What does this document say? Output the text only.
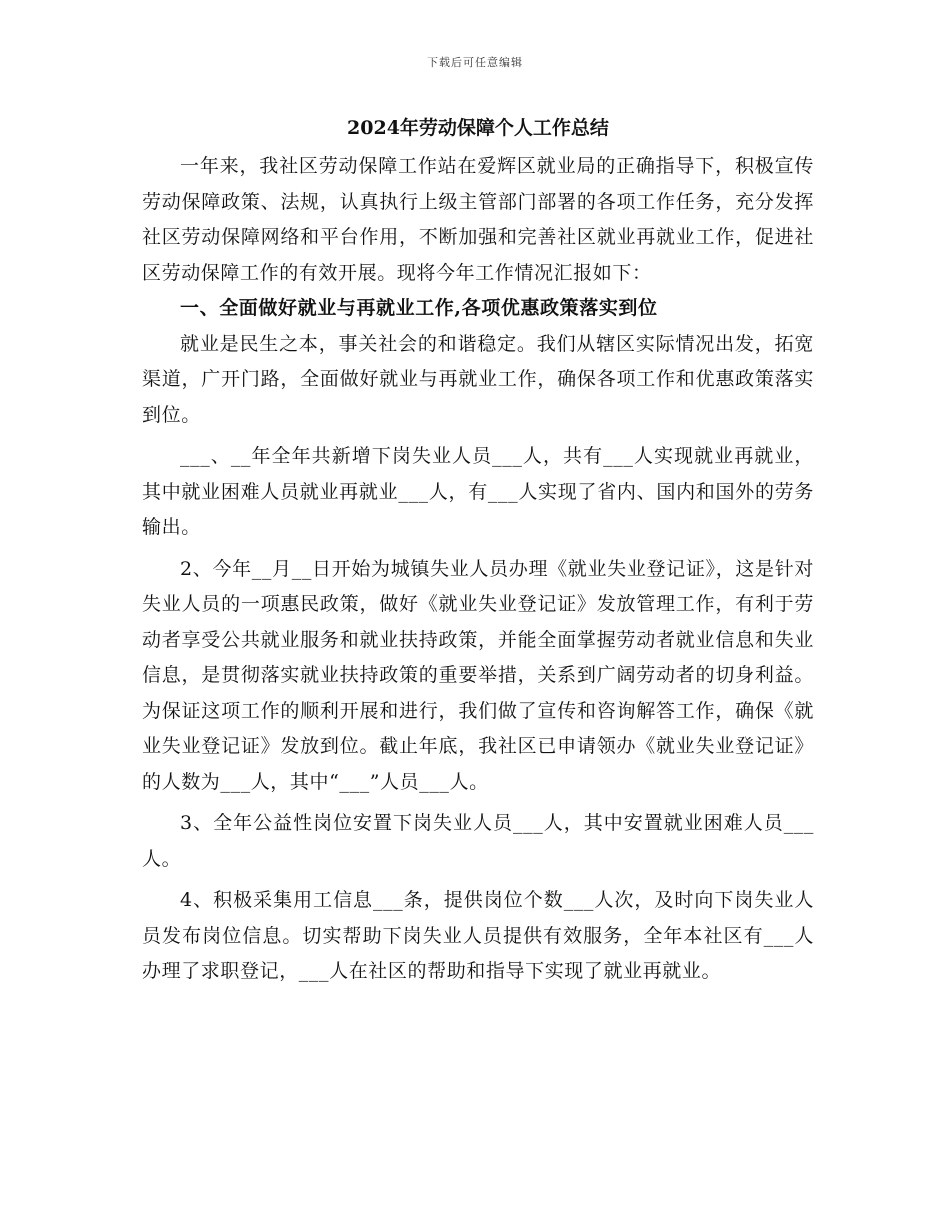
下载后可任意编辑
2024年劳动保障个人工作总结

一年来，我社区劳动保障工作站在爱辉区就业局的正确指导下，积极宣传劳动保障政策、法规，认真执行上级主管部门部署的各项工作任务，充分发挥社区劳动保障网络和平台作用，不断加强和完善社区就业再就业工作，促进社区劳动保障工作的有效开展。现将今年工作情况汇报如下：

一、全面做好就业与再就业工作,各项优惠政策落实到位

就业是民生之本，事关社会的和谐稳定。我们从辖区实际情况出发，拓宽渠道，广开门路，全面做好就业与再就业工作，确保各项工作和优惠政策落实到位。

___、__年全年共新增下岗失业人员___人，共有___人实现就业再就业，其中就业困难人员就业再就业___人，有___人实现了省内、国内和国外的劳务输出。

2、今年__月__日开始为城镇失业人员办理《就业失业登记证》，这是针对失业人员的一项惠民政策，做好《就业失业登记证》发放管理工作，有利于劳动者享受公共就业服务和就业扶持政策，并能全面掌握劳动者就业信息和失业信息，是贯彻落实就业扶持政策的重要举措，关系到广阔劳动者的切身利益。为保证这项工作的顺利开展和进行，我们做了宣传和咨询解答工作，确保《就业失业登记证》发放到位。截止年底，我社区已申请领办《就业失业登记证》的人数为___人，其中“___”人员___人。

3、全年公益性岗位安置下岗失业人员___人，其中安置就业困难人员___人。

4、积极采集用工信息___条，提供岗位个数___人次，及时向下岗失业人员发布岗位信息。切实帮助下岗失业人员提供有效服务，全年本社区有___人办理了求职登记，___人在社区的帮助和指导下实现了就业再就业。
